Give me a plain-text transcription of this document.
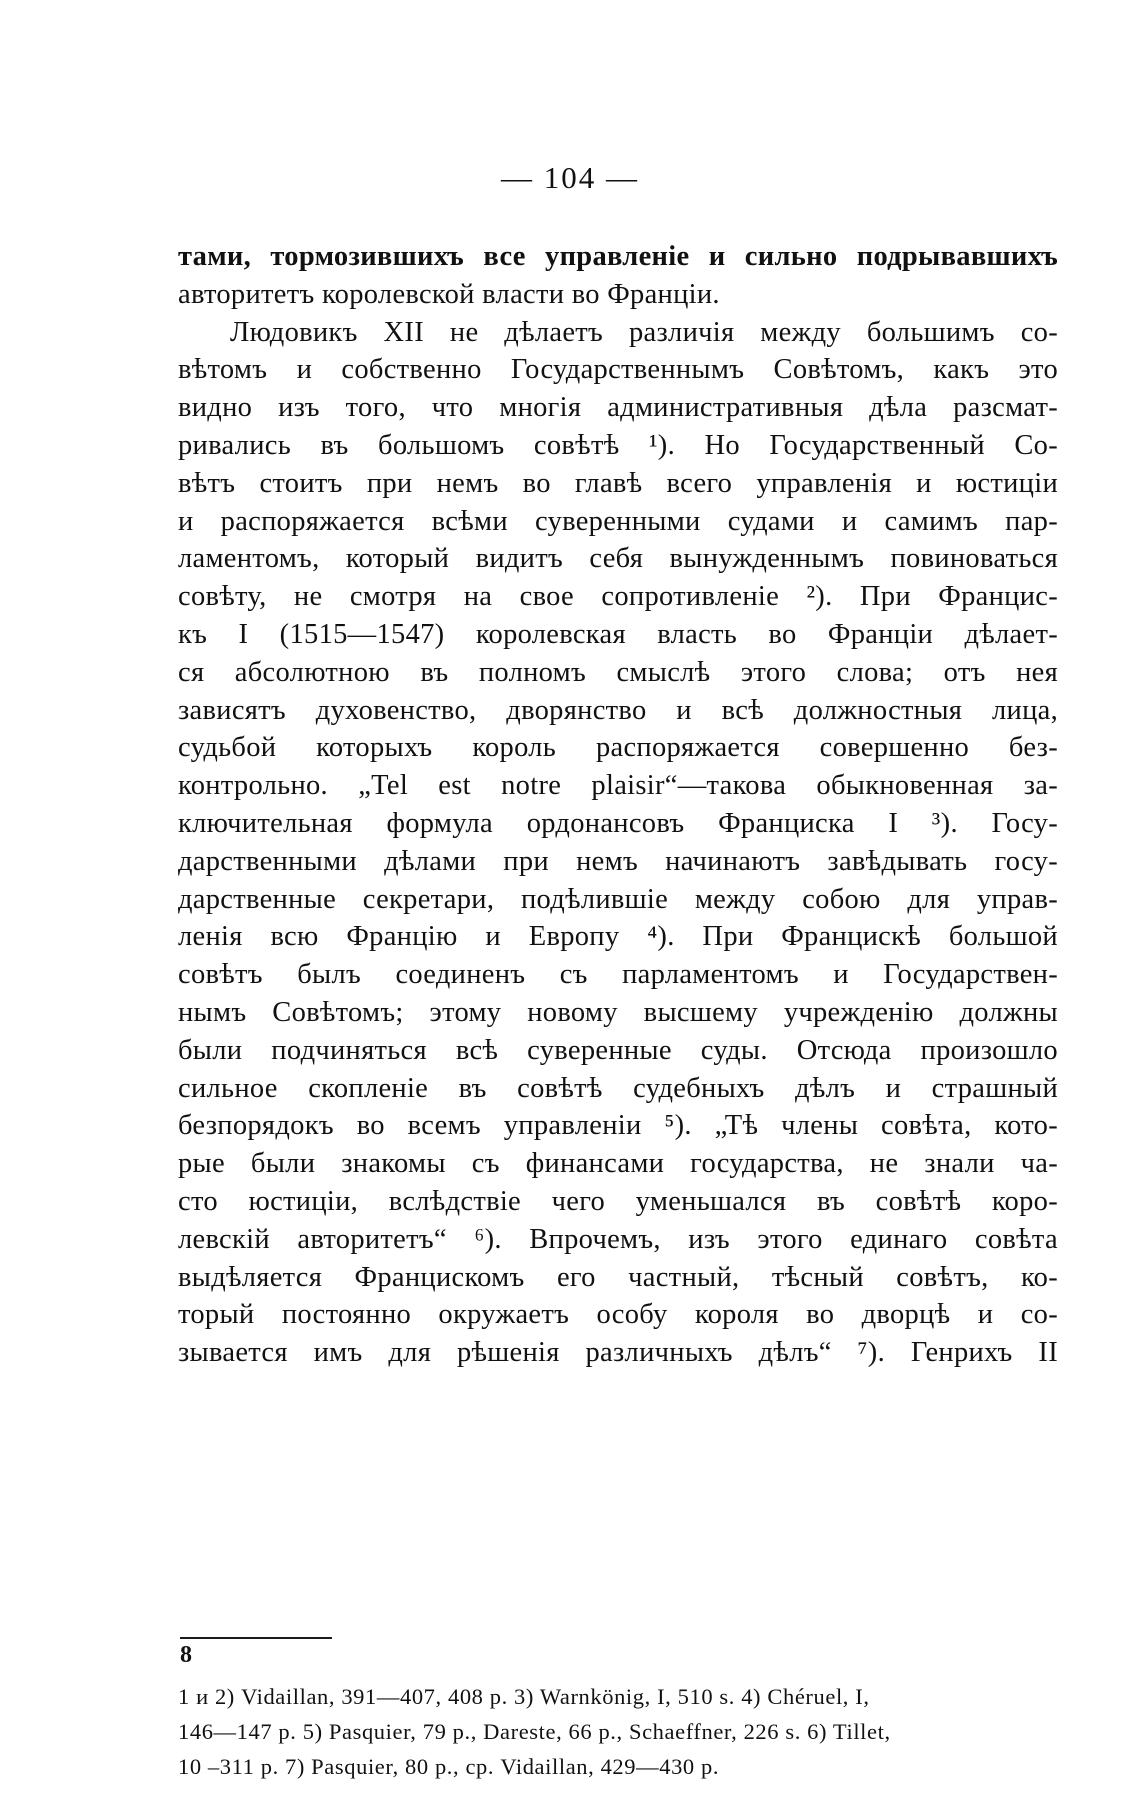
— 104 —
тами, тормозившихъ все управленіе и сильно подрывавшихъ
авторитетъ королевской власти во Франціи.
Людовикъ XII не дѣлаетъ различія между большимъ со-
вѣтомъ и собственно Государственнымъ Совѣтомъ, какъ это
видно изъ того, что многія административныя дѣла разсмат-
ривались въ большомъ совѣтѣ ¹). Но Государственный Со-
вѣтъ стоитъ при немъ во главѣ всего управленія и юстиціи
и распоряжается всѣми суверенными судами и самимъ пар-
ламентомъ, который видитъ себя вынужденнымъ повиноваться
совѣту, не смотря на свое сопротивленіе ²). При Францис-
къ I (1515—1547) королевская власть во Франціи дѣлает-
ся абсолютною въ полномъ смыслѣ этого слова; отъ нея
зависятъ духовенство, дворянство и всѣ должностныя лица,
судьбой которыхъ король распоряжается совершенно без-
контрольно. „Tel est notre plaisir“—такова обыкновенная за-
ключительная формула ордонансовъ Франциска I ³). Госу-
дарственными дѣлами при немъ начинаютъ завѣдывать госу-
дарственные секретари, подѣлившіе между собою для управ-
ленія всю Францію и Европу ⁴). При Францискѣ большой
совѣтъ былъ соединенъ съ парламентомъ и Государствен-
нымъ Совѣтомъ; этому новому высшему учрежденію должны
были подчиняться всѣ суверенные суды. Отсюда произошло
сильное скопленіе въ совѣтѣ судебныхъ дѣлъ и страшный
безпорядокъ во всемъ управленіи ⁵). „Тѣ члены совѣта, кото-
рые были знакомы съ финансами государства, не знали ча-
сто юстиціи, вслѣдствіе чего уменьшался въ совѣтѣ коро-
левскій авторитетъ“ ⁶). Впрочемъ, изъ этого единаго совѣта
выдѣляется Францискомъ его частный, тѣсный совѣтъ, ко-
торый постоянно окружаетъ особу короля во дворцѣ и со-
зывается имъ для рѣшенія различныхъ дѣлъ“ ⁷). Генрихъ II
8
1 и 2) Vidaillan, 391—407, 408 p. 3) Warnkönig, I, 510 s. 4) Chéruel, I,
146—147 p. 5) Pasquier, 79 p., Dareste, 66 p., Schaeffner, 226 s. 6) Tillet,
10 –311 p. 7) Pasquier, 80 p., ср. Vidaillan, 429—430 p.
